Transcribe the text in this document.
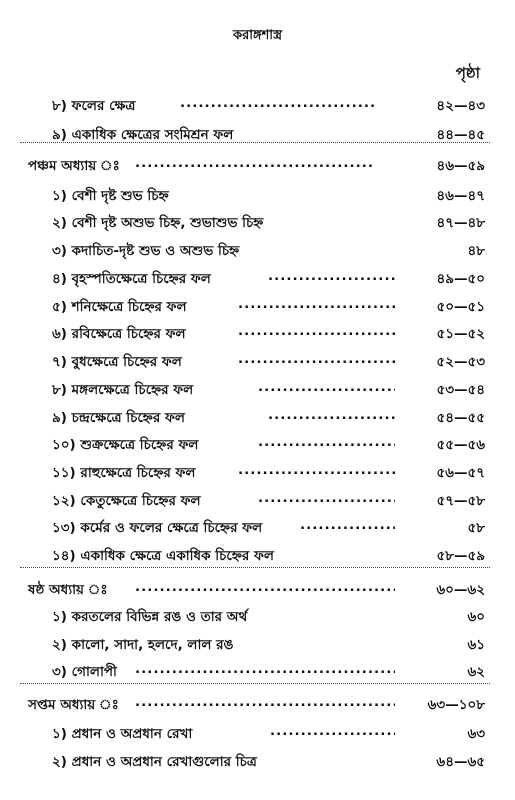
করাঙ্গশাস্ত্র
পৃষ্ঠা
৮) ফলের ক্ষেত্র .....	৪২—৪৩
৯) একাধিক ক্ষেত্রের সংমিশ্রন ফল	৪৪—৪৫
পঞ্চম অধ্যায় ঃ .....	৪৬—৫৯
১) বেশী দৃষ্ট শুভ চিহ্ন	৪৬—৪৭
২) বেশী দৃষ্ট অশুভ চিহ্ন, শুভাশুভ চিহ্ন	৪৭—৪৮
৩) কদাচিত-দৃষ্ট শুভ ও অশুভ চিহ্ন	৪৮
৪) বৃহস্পতিক্ষেত্রে চিহ্নের ফল .....	৪৯—৫০
৫) শনিক্ষেত্রে চিহ্নের ফল .....	৫০—৫১
৬) রবিক্ষেত্রে চিহ্নের ফল .....	৫১—৫২
৭) বুধক্ষেত্রে চিহ্নের ফল .....	৫২—৫৩
৮) মঙ্গলক্ষেত্রে চিহ্নের ফল .....	৫৩—৫৪
৯) চন্দ্রক্ষেত্রে চিহ্নের ফল .....	৫৪—৫৫
১০) শুক্রক্ষেত্রে চিহ্নের ফল .....	৫৫—৫৬
১১) রাহুক্ষেত্রে চিহ্নের ফল .....	৫৬—৫৭
১২) কেতুক্ষেত্রে চিহ্নের ফল .....	৫৭—৫৮
১৩) কর্মের ও ফলের ক্ষেত্রে চিহ্নের ফল .....	৫৮
১৪) একাধিক ক্ষেত্রে একাধিক চিহ্নের ফল	৫৮—৫৯
ষষ্ঠ অধ্যায় ঃ .....	৬০—৬২
১) করতলের বিভিন্ন রঙ ও তার অর্থ	৬০
২) কালো, সাদা, হলদে, লাল রঙ	৬১
৩) গোলাপী .....	৬২
সপ্তম অধ্যায় ঃ .....	৬৩—১০৮
১) প্রধান ও অপ্রধান রেখা .....	৬৩
২) প্রধান ও অপ্রধান রেখাগুলোর চিত্র	৬৪—৬৫
